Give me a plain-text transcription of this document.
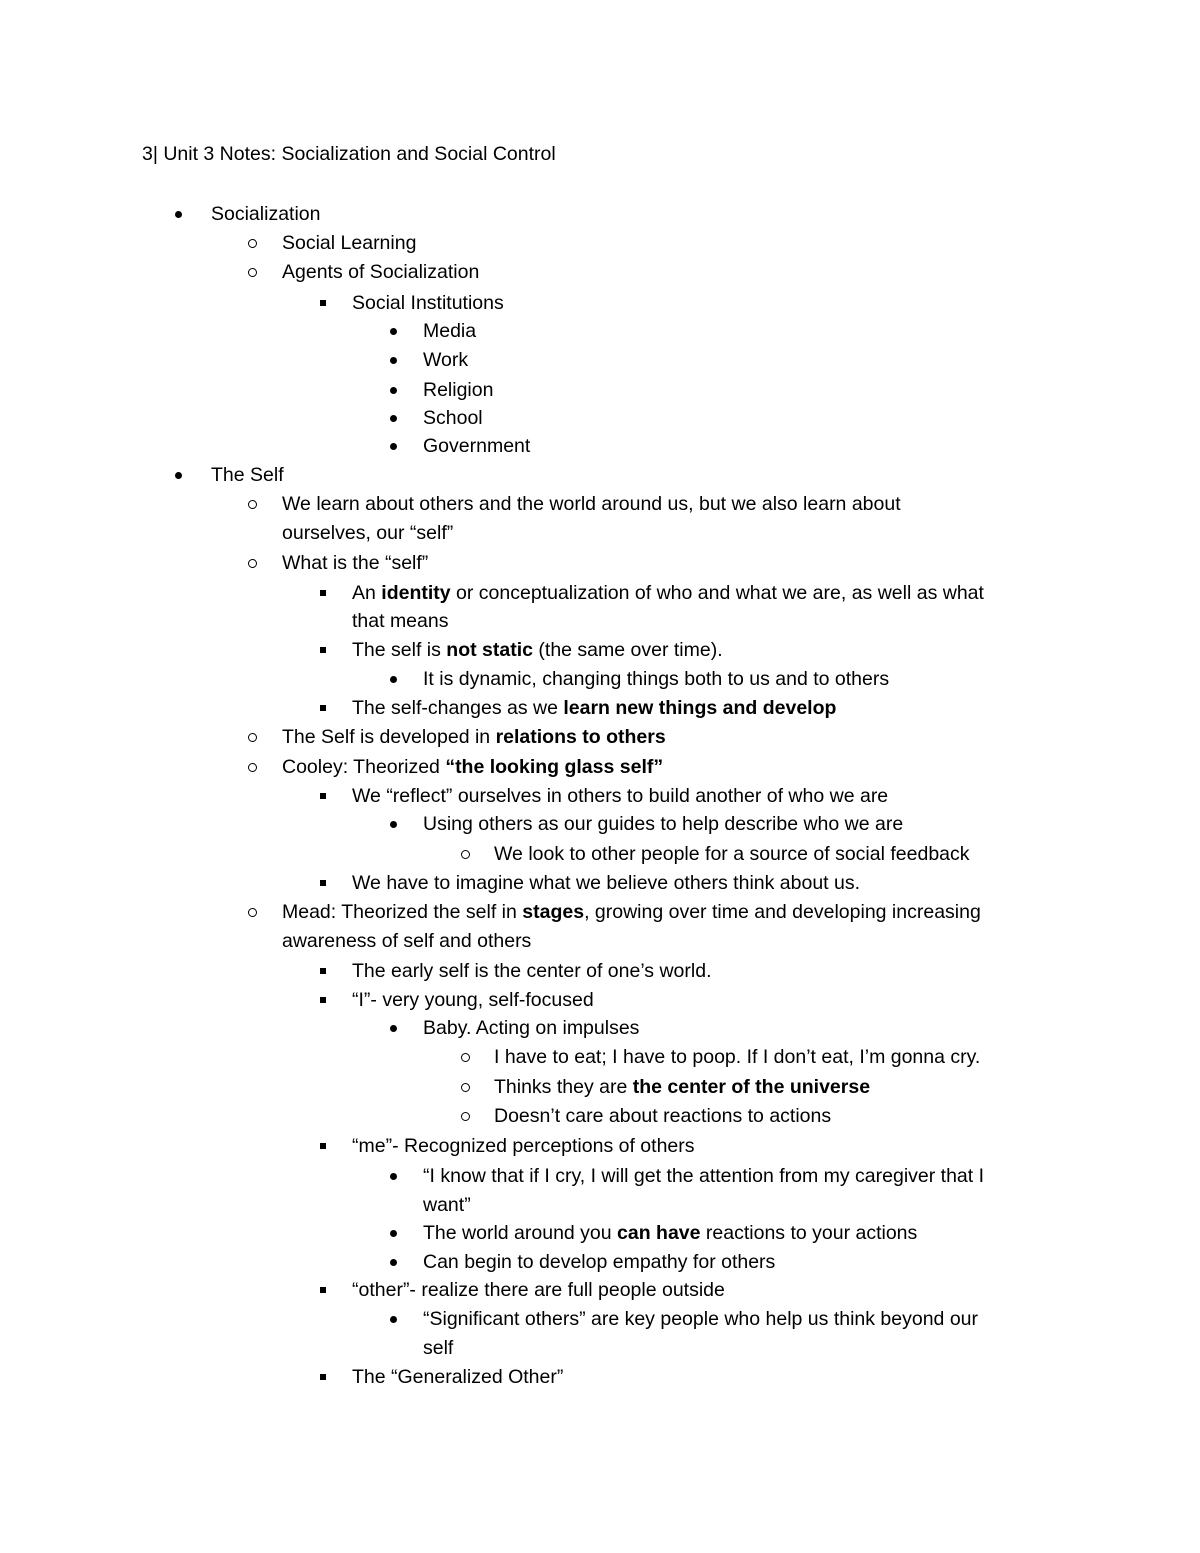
3| Unit 3 Notes: Socialization and Social Control
Socialization
Social Learning
Agents of Socialization
Social Institutions
Media
Work
Religion
School
Government
The Self
We learn about others and the world around us, but we also learn about
ourselves, our “self”
What is the “self”
An identity or conceptualization of who and what we are, as well as what
that means
The self is not static (the same over time).
It is dynamic, changing things both to us and to others
The self-changes as we learn new things and develop
The Self is developed in relations to others
Cooley: Theorized “the looking glass self”
We “reflect” ourselves in others to build another of who we are
Using others as our guides to help describe who we are
We look to other people for a source of social feedback
We have to imagine what we believe others think about us.
Mead: Theorized the self in stages, growing over time and developing increasing
awareness of self and others
The early self is the center of one’s world.
“I”- very young, self-focused
Baby. Acting on impulses
I have to eat; I have to poop. If I don’t eat, I’m gonna cry.
Thinks they are the center of the universe
Doesn’t care about reactions to actions
“me”- Recognized perceptions of others
“I know that if I cry, I will get the attention from my caregiver that I
want”
The world around you can have reactions to your actions
Can begin to develop empathy for others
“other”- realize there are full people outside
“Significant others” are key people who help us think beyond our
self
The “Generalized Other”
